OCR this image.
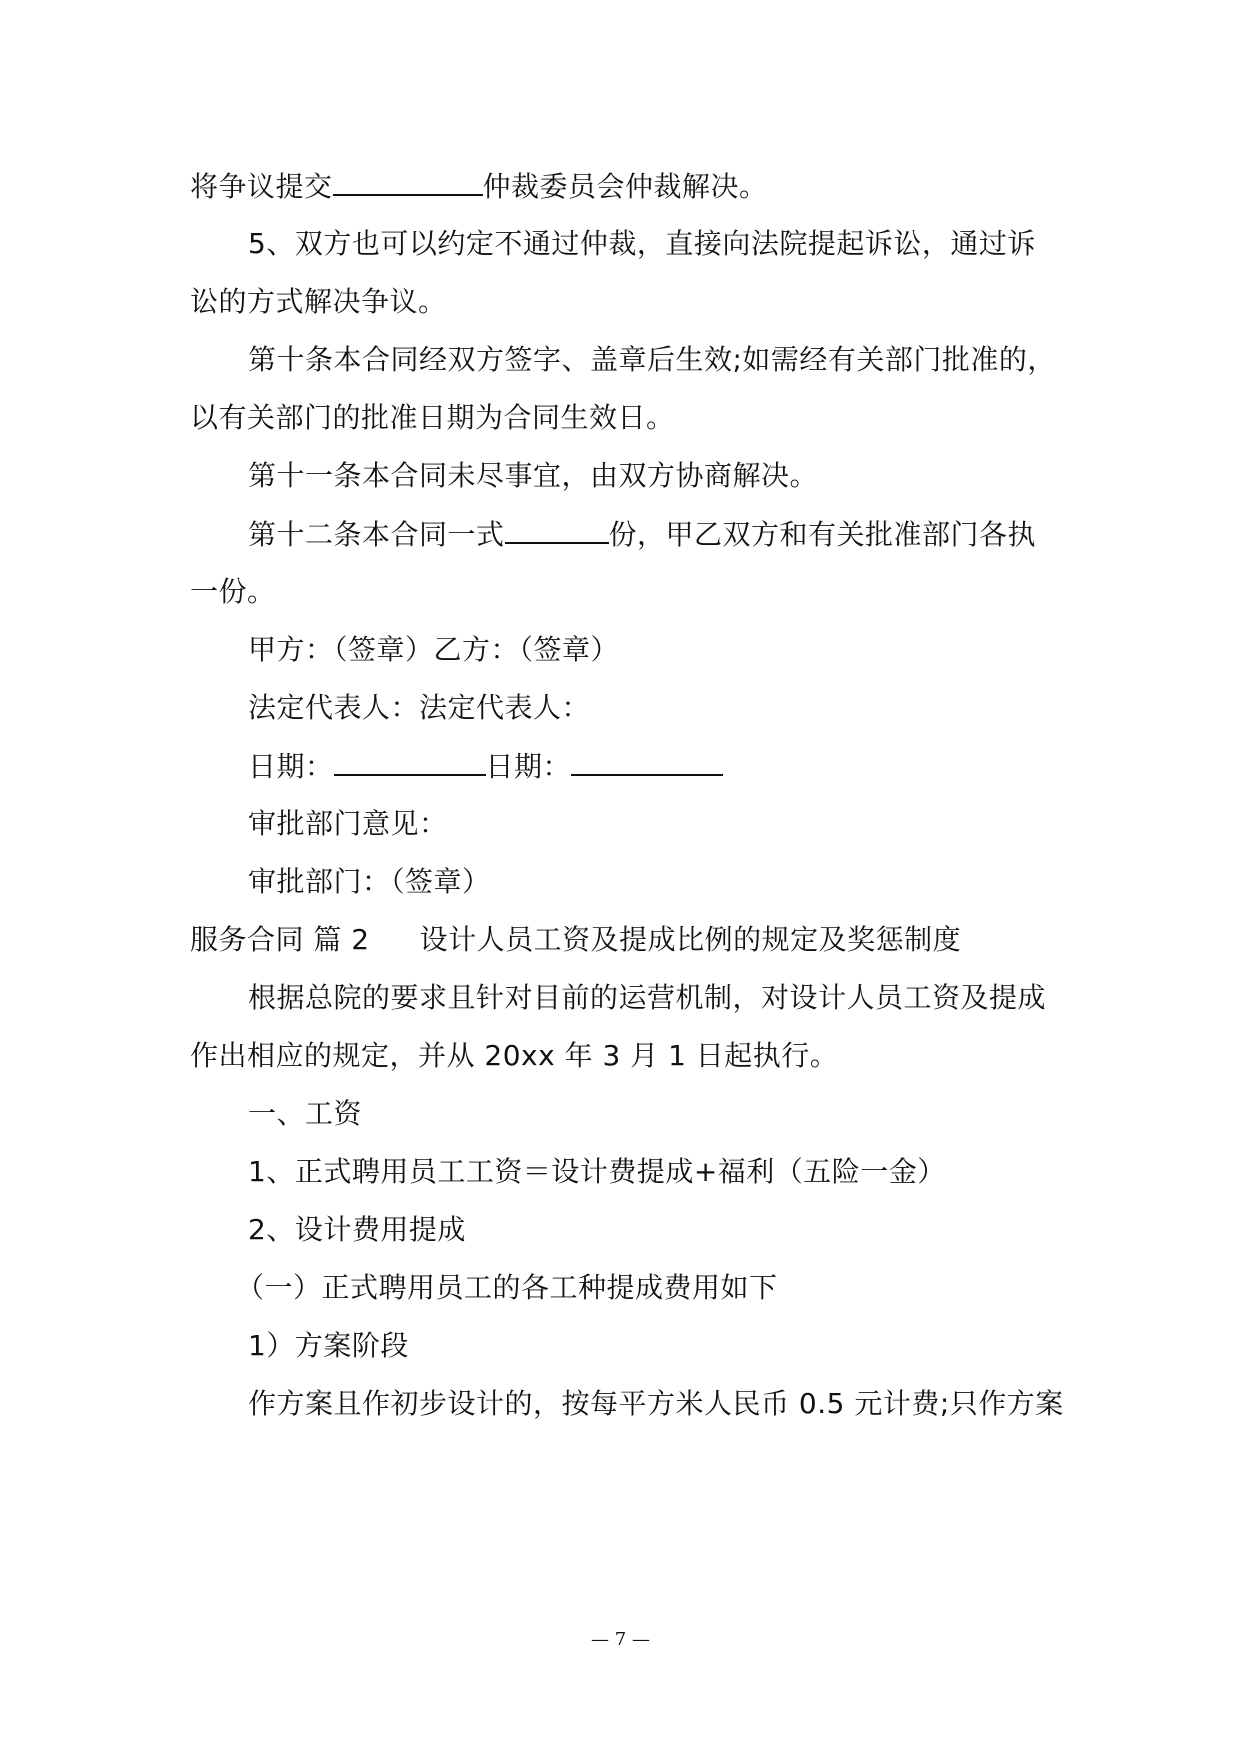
将争议提交	仲裁委员会仲裁解决。
5、双方也可以约定不通过仲裁，直接向法院提起诉讼，通过诉
讼的方式解决争议。
第十条本合同经双方签字、盖章后生效;如需经有关部门批准的，
以有关部门的批准日期为合同生效日。
第十一条本合同未尽事宜，由双方协商解决。
第十二条本合同一式	份，甲乙双方和有关批准部门各执
一份。
甲方：（签章）乙方：（签章）
法定代表人：法定代表人：
日期：	日期：
审批部门意见：
审批部门：（签章）
服务合同 篇 2 设计人员工资及提成比例的规定及奖惩制度
根据总院的要求且针对目前的运营机制，对设计人员工资及提成
作出相应的规定，并从 20xx 年 3 月 1 日起执行。
一、工资
1、正式聘用员工工资＝设计费提成+福利（五险一金）
2、设计费用提成
（一）正式聘用员工的各工种提成费用如下
1）方案阶段
作方案且作初步设计的，按每平方米人民币 0.5 元计费;只作方案
— 7 —
